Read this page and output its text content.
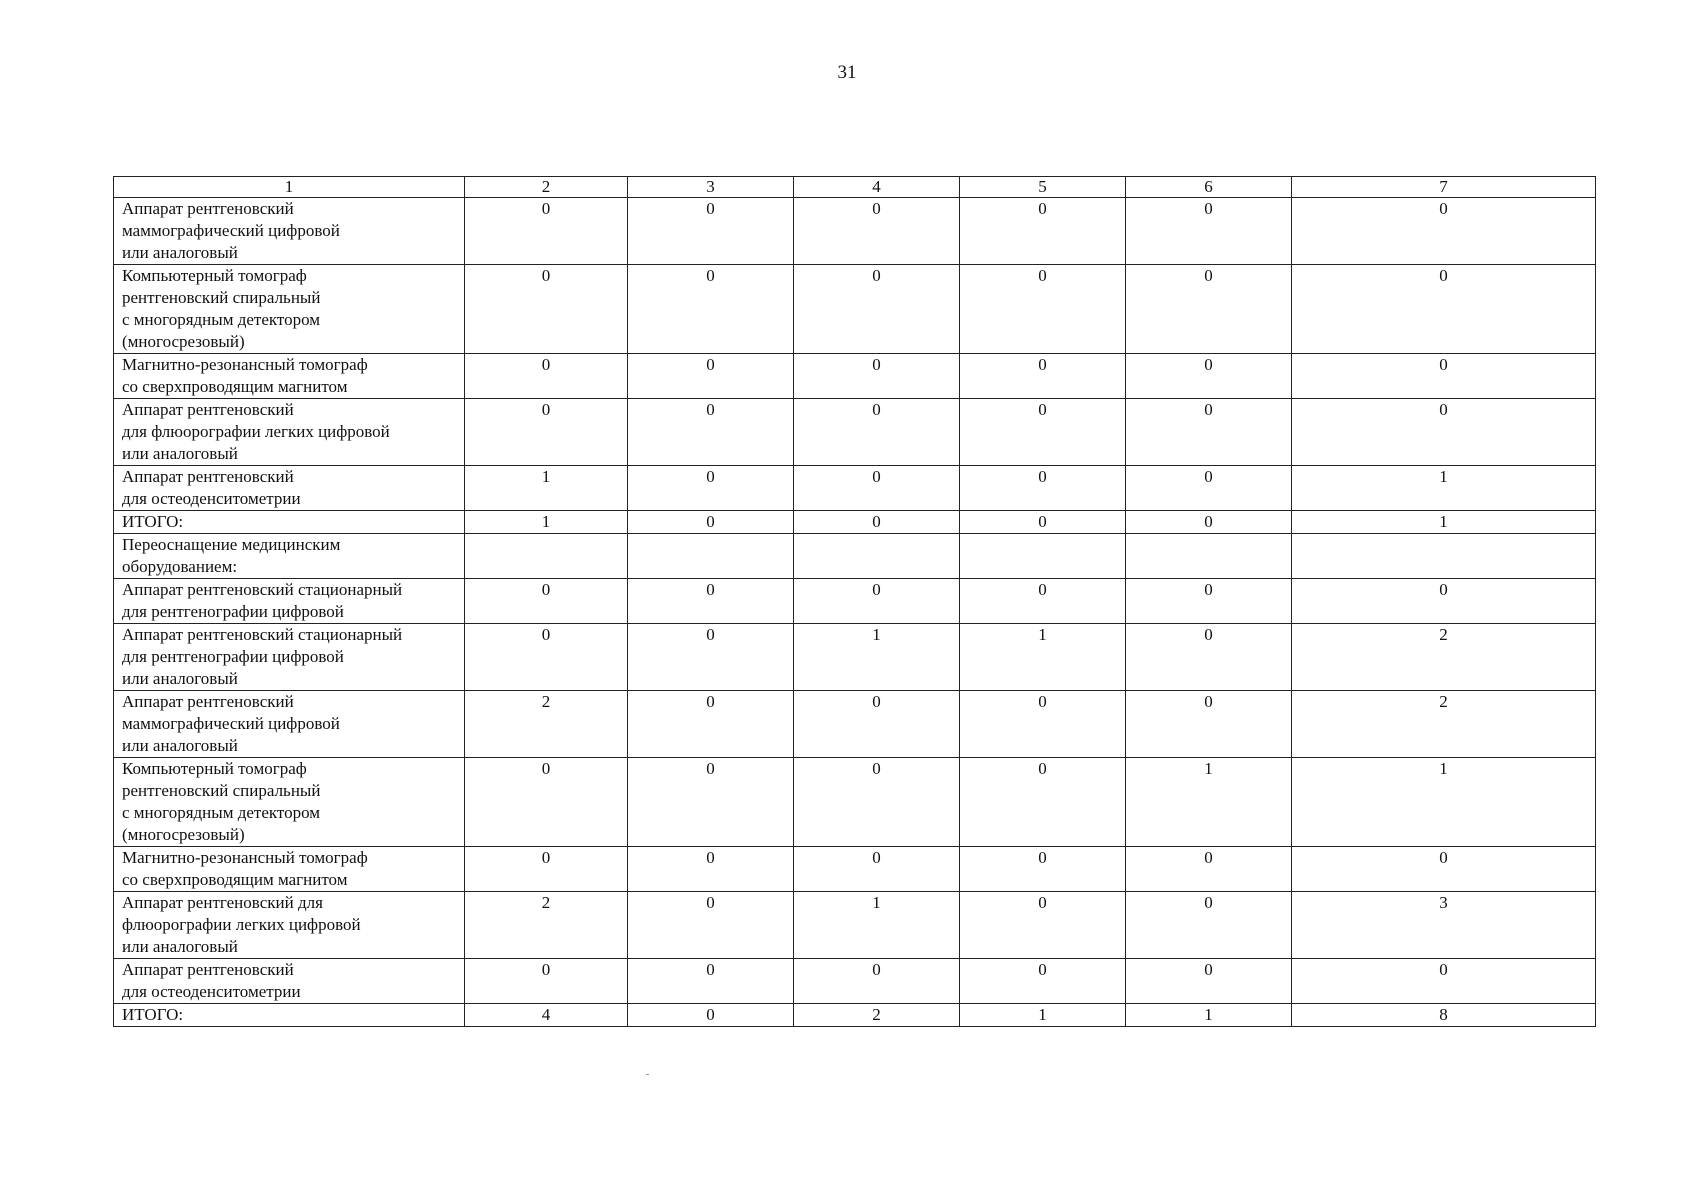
31
1	2	3	4	5	6	7

Аппарат рентгеновский
маммографический цифровой
или аналоговый	0	0	0	0	0	0

Компьютерный томограф
рентгеновский спиральный
с многорядным детектором
(многосрезовый)	0	0	0	0	0	0

Магнитно-резонансный томограф
со сверхпроводящим магнитом	0	0	0	0	0	0

Аппарат рентгеновский
для флюорографии легких цифровой
или аналоговый	0	0	0	0	0	0

Аппарат рентгеновский
для остеоденситометрии	1	0	0	0	0	1

ИТОГО:	1	0	0	0	0	1

Переоснащение медицинским
оборудованием:						

Аппарат рентгеновский стационарный
для рентгенографии цифровой	0	0	0	0	0	0

Аппарат рентгеновский стационарный
для рентгенографии цифровой
или аналоговый	0	0	1	1	0	2

Аппарат рентгеновский
маммографический цифровой
или аналоговый	2	0	0	0	0	2

Компьютерный томограф
рентгеновский спиральный
с многорядным детектором
(многосрезовый)	0	0	0	0	1	1

Магнитно-резонансный томограф
со сверхпроводящим магнитом	0	0	0	0	0	0

Аппарат рентгеновский для
флюорографии легких цифровой
или аналоговый	2	0	1	0	0	3

Аппарат рентгеновский
для остеоденситометрии	0	0	0	0	0	0

ИТОГО:	4	0	2	1	1	8
